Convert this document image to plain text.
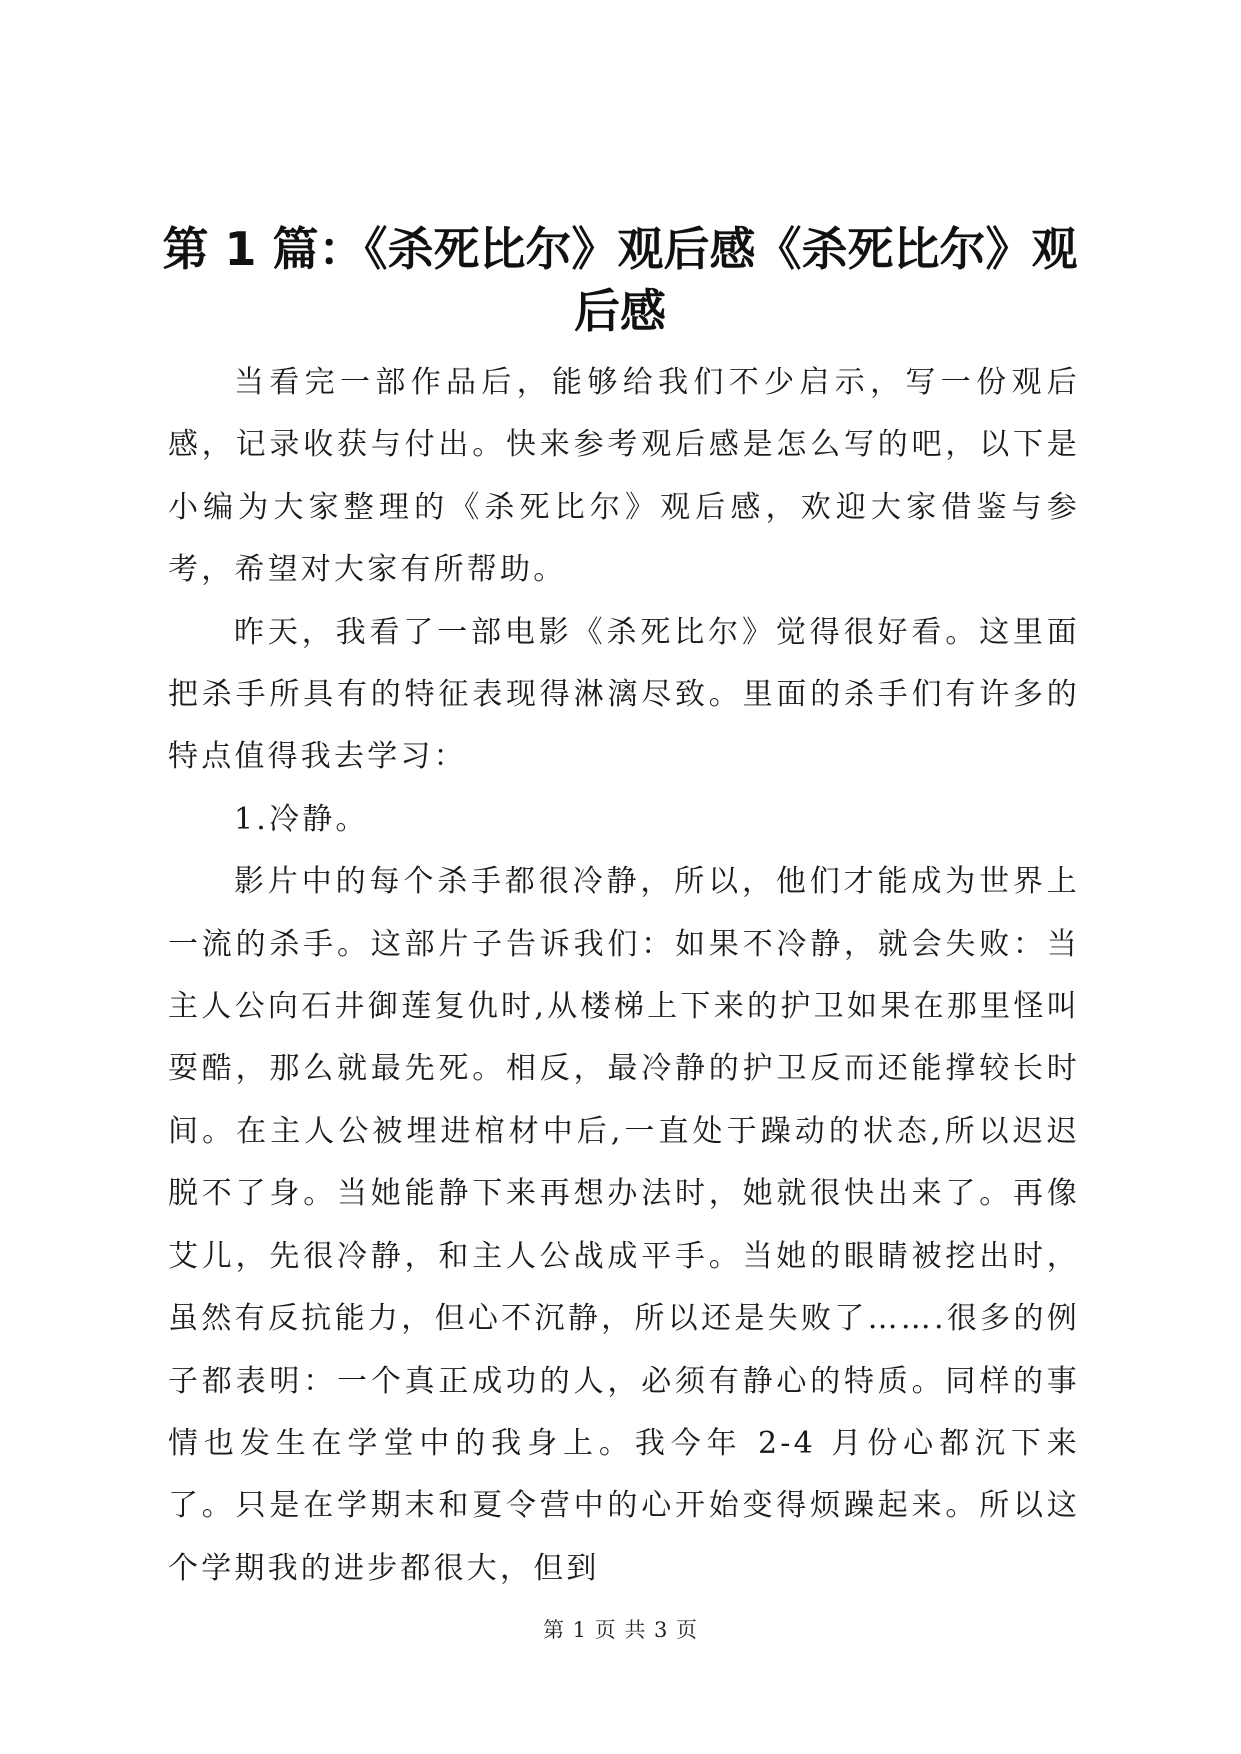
第 1 篇：《杀死比尔》观后感《杀死比尔》观后感

当看完一部作品后，能够给我们不少启示，写一份观后感，记录收获与付出。快来参考观后感是怎么写的吧，以下是小编为大家整理的《杀死比尔》观后感，欢迎大家借鉴与参考，希望对大家有所帮助。

昨天，我看了一部电影《杀死比尔》觉得很好看。这里面把杀手所具有的特征表现得淋漓尽致。里面的杀手们有许多的特点值得我去学习：

1.冷静。

影片中的每个杀手都很冷静，所以，他们才能成为世界上一流的杀手。这部片子告诉我们：如果不冷静，就会失败：当主人公向石井御莲复仇时,从楼梯上下来的护卫如果在那里怪叫耍酷，那么就最先死。相反，最冷静的护卫反而还能撑较长时间。在主人公被埋进棺材中后,一直处于躁动的状态,所以迟迟脱不了身。当她能静下来再想办法时，她就很快出来了。再像艾儿，先很冷静，和主人公战成平手。当她的眼睛被挖出时，虽然有反抗能力，但心不沉静，所以还是失败了…….很多的例子都表明：一个真正成功的人，必须有静心的特质。同样的事情也发生在学堂中的我身上。我今年 2-4 月份心都沉下来了。只是在学期末和夏令营中的心开始变得烦躁起来。所以这个学期我的进步都很大，但到

第 1 页 共 3 页
